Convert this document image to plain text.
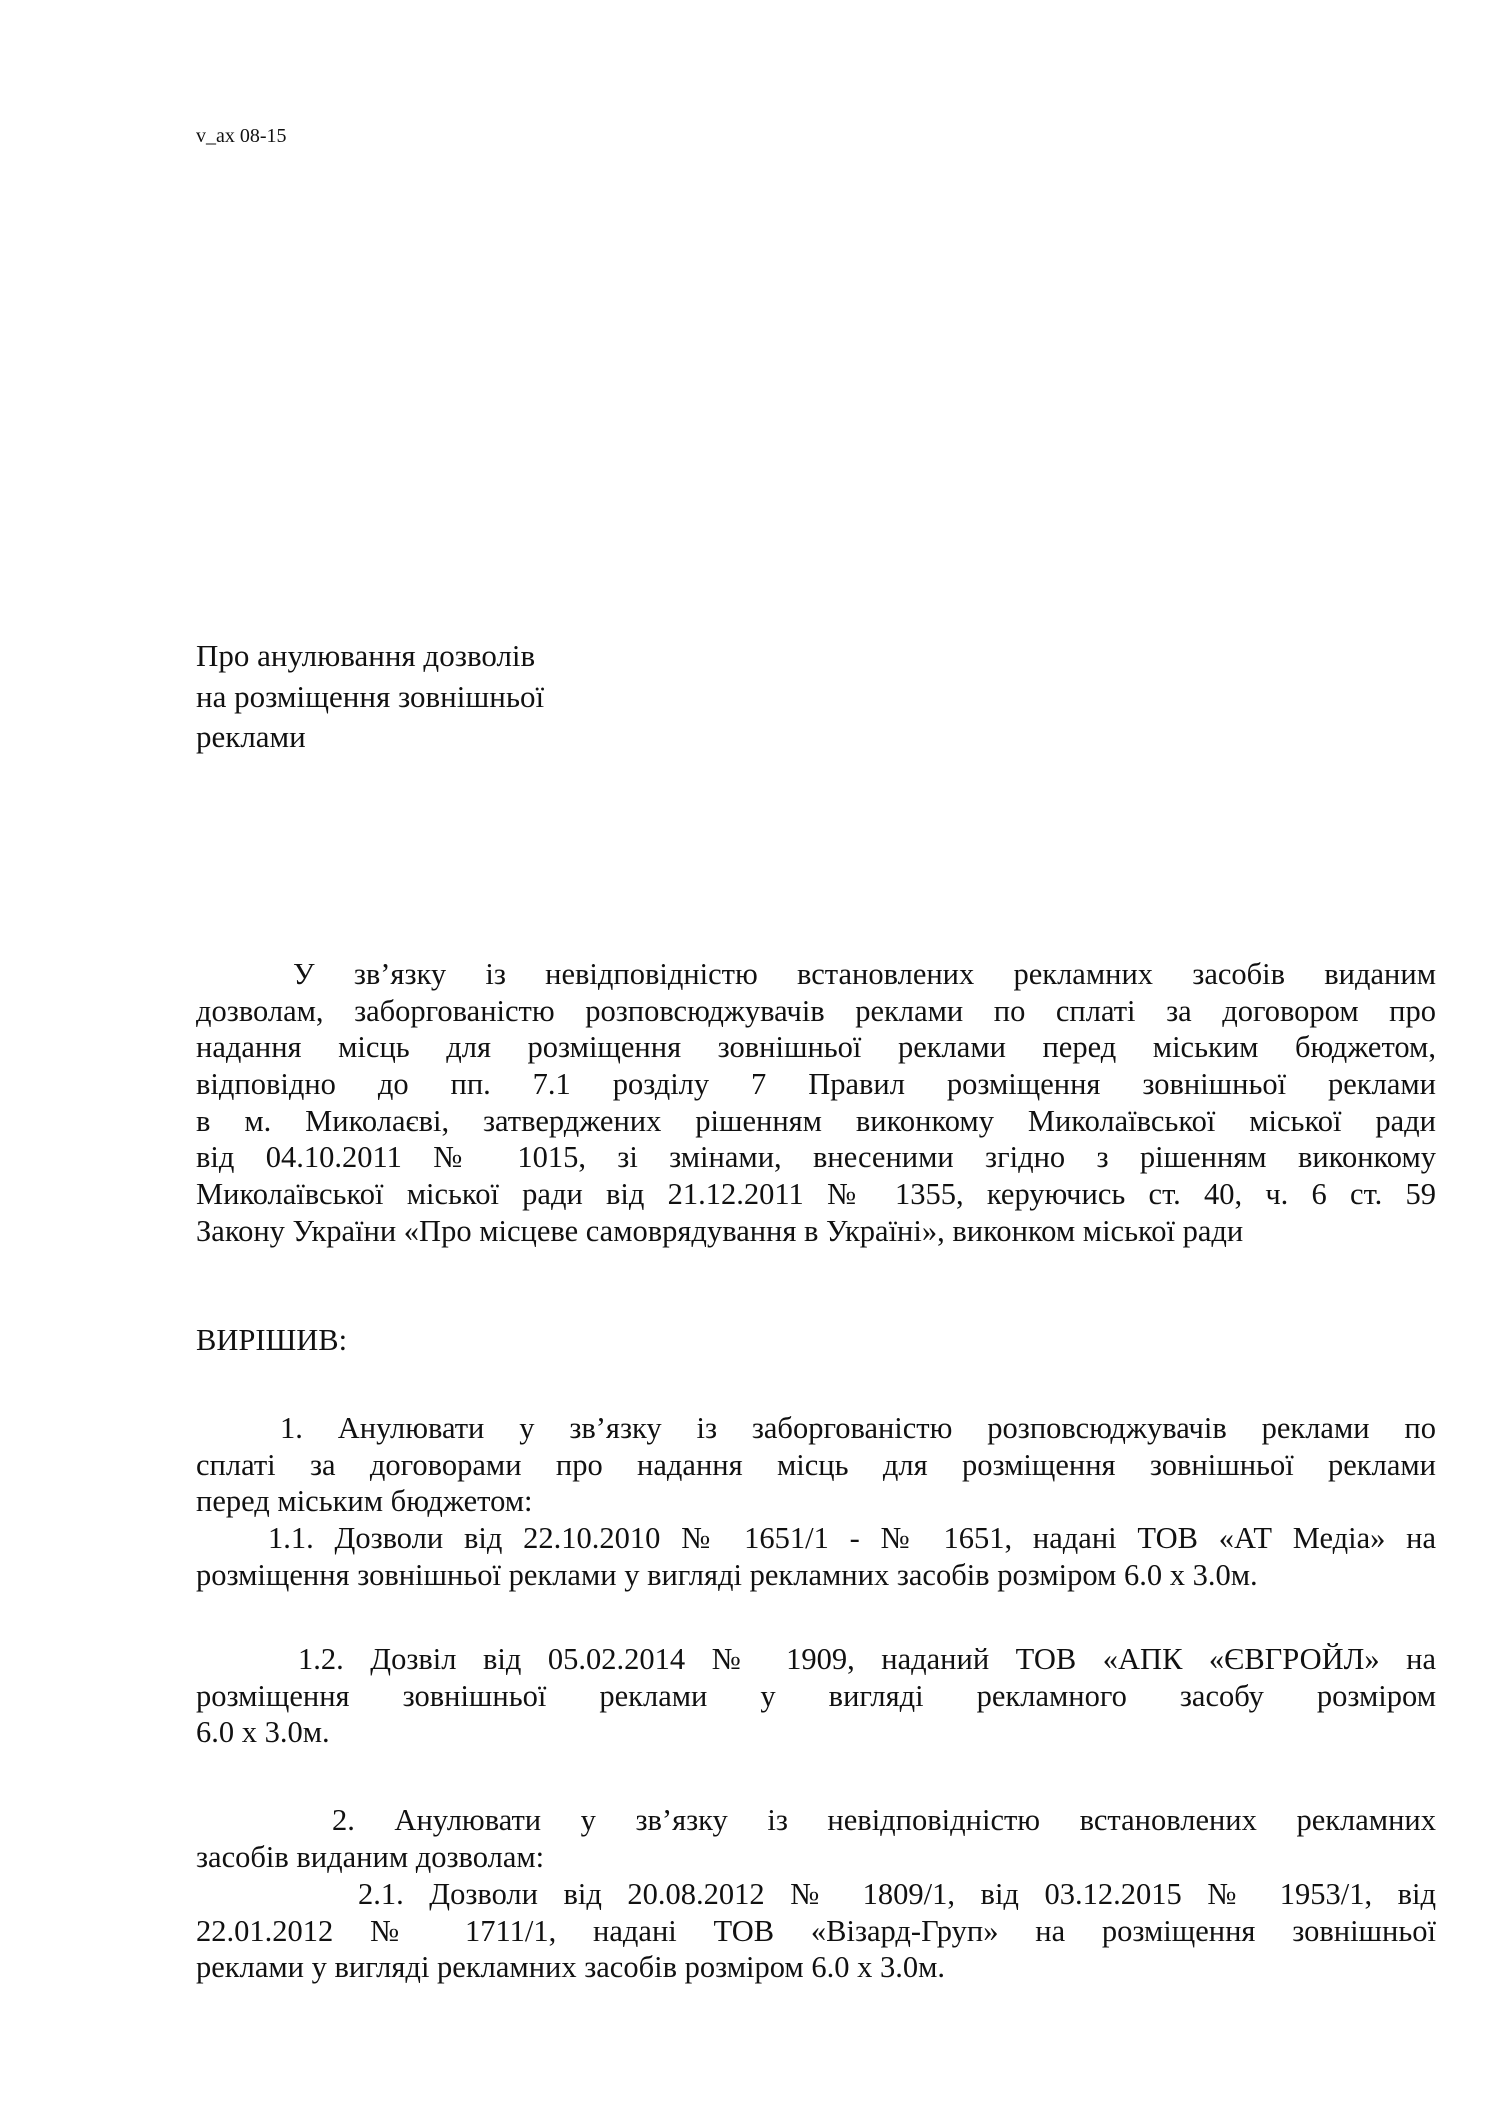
v_ax 08-15
Про анулювання дозволів
на розміщення зовнішньої
реклами
У зв’язку із невідповідністю встановлених рекламних засобів виданим
дозволам, заборгованістю розповсюджувачів реклами по сплаті за договором про
надання місць для розміщення зовнішньої реклами перед міським бюджетом,
відповідно до пп. 7.1 розділу 7 Правил розміщення зовнішньої реклами
в м. Миколаєві, затверджених рішенням виконкому Миколаївської міської ради
від 04.10.2011 № 1015, зі змінами, внесеними згідно з рішенням виконкому
Миколаївської міської ради від 21.12.2011 № 1355, керуючись ст. 40, ч. 6 ст. 59
Закону України «Про місцеве самоврядування в Україні», виконком міської ради
ВИРІШИВ:
1. Анулювати у зв’язку із заборгованістю розповсюджувачів реклами по
сплаті за договорами про надання місць для розміщення зовнішньої реклами
перед міським бюджетом:
1.1. Дозволи від 22.10.2010 № 1651/1 - № 1651, надані ТОВ «АТ Медіа» на
розміщення зовнішньої реклами у вигляді рекламних засобів розміром 6.0 х 3.0м.
1.2. Дозвіл від 05.02.2014 № 1909, наданий ТОВ «АПК «ЄВГРОЙЛ» на
розміщення зовнішньої реклами у вигляді рекламного засобу розміром
6.0 х 3.0м.
2. Анулювати у зв’язку із невідповідністю встановлених рекламних
засобів виданим дозволам:
2.1. Дозволи від 20.08.2012 № 1809/1, від 03.12.2015 № 1953/1, від
22.01.2012 № 1711/1, надані ТОВ «Візард-Груп» на розміщення зовнішньої
реклами у вигляді рекламних засобів розміром 6.0 х 3.0м.
